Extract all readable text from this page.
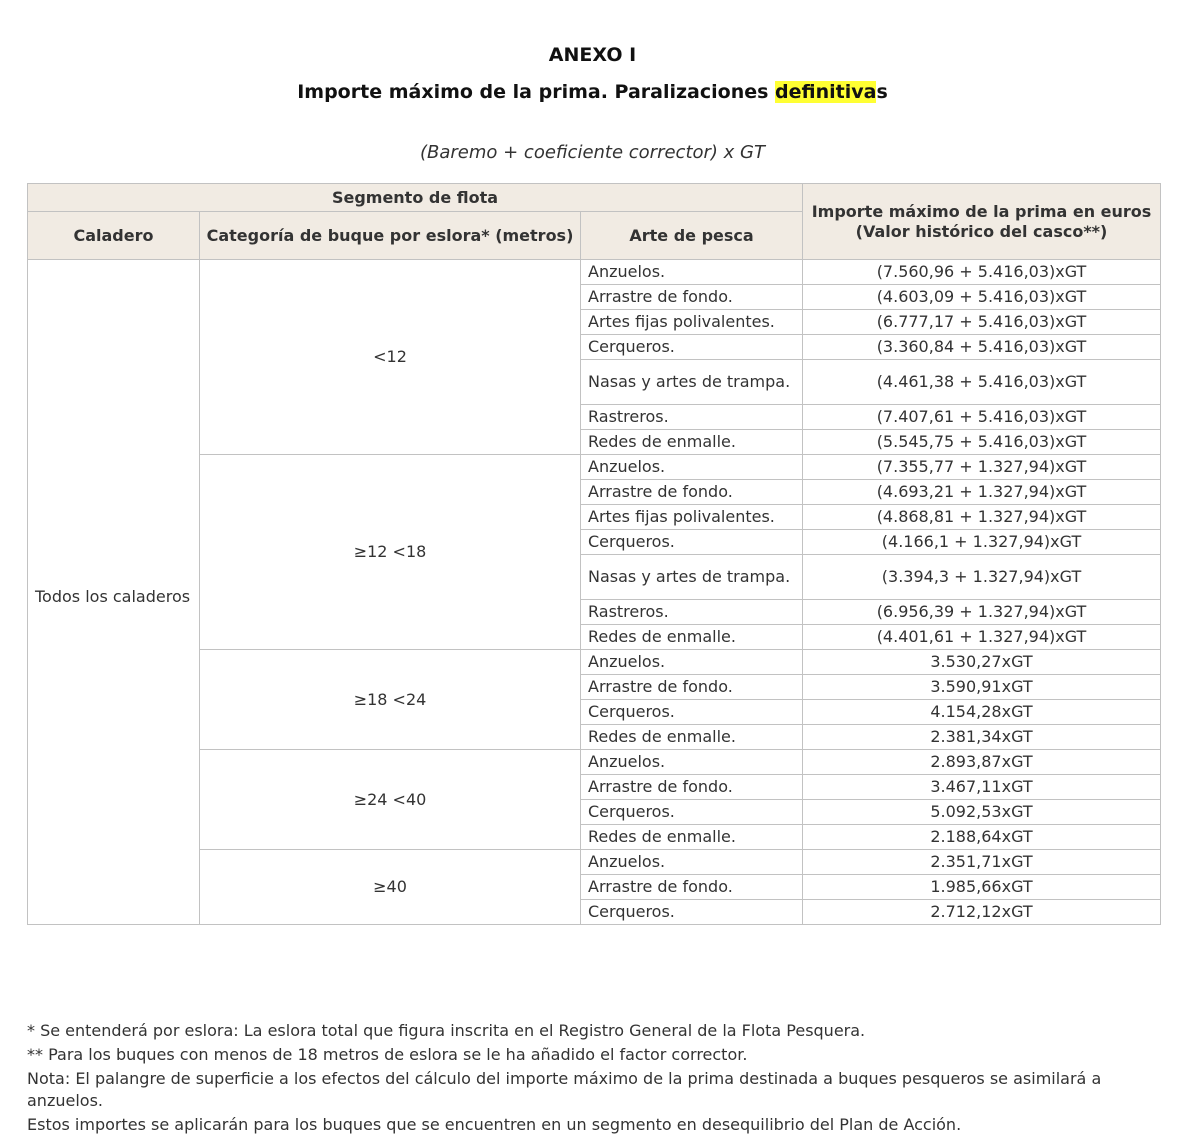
ANEXO I
Importe máximo de la prima. Paralizaciones definitivas
(Baremo + coeficiente corrector) x GT
Segmento de flota			Importe máximo de la prima en euros
(Valor histórico del casco**)

Caladero	Categoría de buque por eslora* (metros)	Arte de pesca	
Todos los caladeros	<12	Anzuelos.	(7.560,96 + 5.416,03)xGT
		Arrastre de fondo.	(4.603,09 + 5.416,03)xGT
		Artes fijas polivalentes.	(6.777,17 + 5.416,03)xGT
		Cerqueros.	(3.360,84 + 5.416,03)xGT
		Nasas y artes de trampa.	(4.461,38 + 5.416,03)xGT
		Rastreros.	(7.407,61 + 5.416,03)xGT
		Redes de enmalle.	(5.545,75 + 5.416,03)xGT
	≥12 <18	Anzuelos.	(7.355,77 + 1.327,94)xGT
		Arrastre de fondo.	(4.693,21 + 1.327,94)xGT
		Artes fijas polivalentes.	(4.868,81 + 1.327,94)xGT
		Cerqueros.	(4.166,1 + 1.327,94)xGT
		Nasas y artes de trampa.	(3.394,3 + 1.327,94)xGT
		Rastreros.	(6.956,39 + 1.327,94)xGT
		Redes de enmalle.	(4.401,61 + 1.327,94)xGT
	≥18 <24	Anzuelos.	3.530,27xGT
		Arrastre de fondo.	3.590,91xGT
		Cerqueros.	4.154,28xGT
		Redes de enmalle.	2.381,34xGT
	≥24 <40	Anzuelos.	2.893,87xGT
		Arrastre de fondo.	3.467,11xGT
		Cerqueros.	5.092,53xGT
		Redes de enmalle.	2.188,64xGT
	≥40	Anzuelos.	2.351,71xGT
		Arrastre de fondo.	1.985,66xGT
		Cerqueros.	2.712,12xGT

* Se entenderá por eslora: La eslora total que figura inscrita en el Registro General de la Flota Pesquera.

** Para los buques con menos de 18 metros de eslora se le ha añadido el factor corrector.

Nota: El palangre de superficie a los efectos del cálculo del importe máximo de la prima destinada a buques pesqueros se asimilará a anzuelos.

Estos importes se aplicarán para los buques que se encuentren en un segmento en desequilibrio del Plan de Acción.
